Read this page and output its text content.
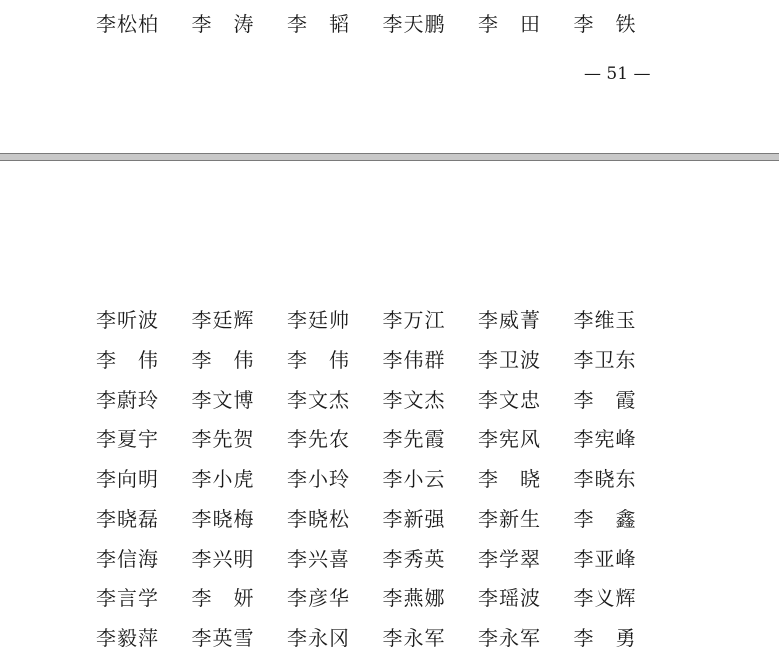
李松柏	李　涛	李　韬	李天鹏	李　田	李　铁
— 51 —
李听波	李廷辉	李廷帅	李万江	李威菁	李维玉
李　伟	李　伟	李　伟	李伟群	李卫波	李卫东
李蔚玲	李文博	李文杰	李文杰	李文忠	李　霞
李夏宇	李先贺	李先农	李先霞	李宪风	李宪峰
李向明	李小虎	李小玲	李小云	李　晓	李晓东
李晓磊	李晓梅	李晓松	李新强	李新生	李　鑫
李信海	李兴明	李兴喜	李秀英	李学翠	李亚峰
李言学	李　妍	李彦华	李燕娜	李瑶波	李义辉
李毅萍	李英雪	李永冈	李永军	李永军	李　勇
